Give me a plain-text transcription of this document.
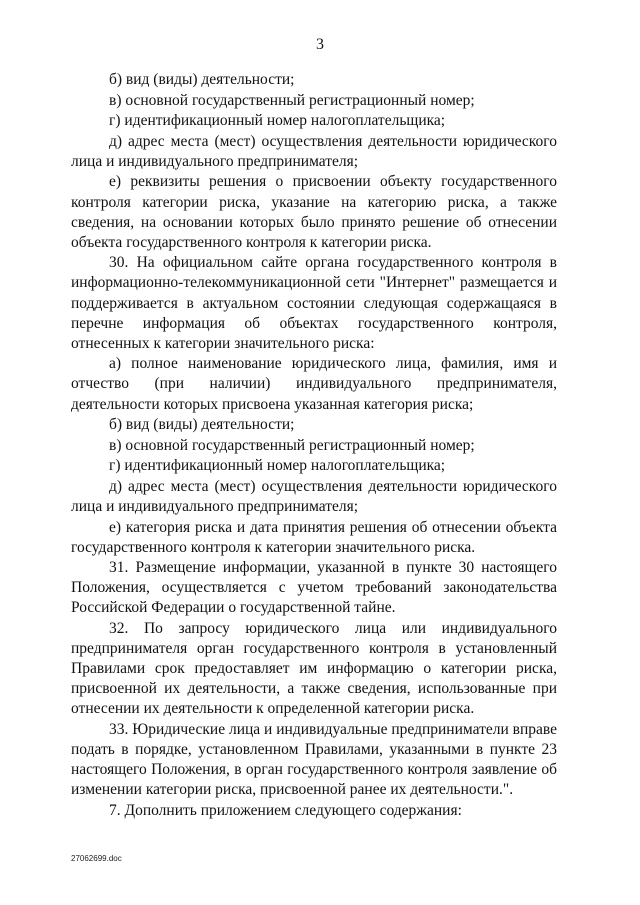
3

б) вид (виды) деятельности;

в) основной государственный регистрационный номер;

г) идентификационный номер налогоплательщика;

д) адрес места (мест) осуществления деятельности юридического лица и индивидуального предпринимателя;

е) реквизиты решения о присвоении объекту государственного контроля категории риска, указание на категорию риска, а также сведения, на основании которых было принято решение об отнесении объекта государственного контроля к категории риска.

30. На официальном сайте органа государственного контроля в информационно-телекоммуникационной сети "Интернет" размещается и поддерживается в актуальном состоянии следующая содержащаяся в перечне информация об объектах государственного контроля, отнесенных к категории значительного риска:

а) полное наименование юридического лица, фамилия, имя и отчество (при наличии) индивидуального предпринимателя, деятельности которых присвоена указанная категория риска;

б) вид (виды) деятельности;

в) основной государственный регистрационный номер;

г) идентификационный номер налогоплательщика;

д) адрес места (мест) осуществления деятельности юридического лица и индивидуального предпринимателя;

е) категория риска и дата принятия решения об отнесении объекта государственного контроля к категории значительного риска.

31. Размещение информации, указанной в пункте 30 настоящего Положения, осуществляется с учетом требований законодательства Российской Федерации о государственной тайне.

32. По запросу юридического лица или индивидуального предпринимателя орган государственного контроля в установленный Правилами срок предоставляет им информацию о категории риска, присвоенной их деятельности, а также сведения, использованные при отнесении их деятельности к определенной категории риска.

33. Юридические лица и индивидуальные предприниматели вправе подать в порядке, установленном Правилами, указанными в пункте 23 настоящего Положения, в орган государственного контроля заявление об изменении категории риска, присвоенной ранее их деятельности.".

7. Дополнить приложением следующего содержания:

27062699.doc
